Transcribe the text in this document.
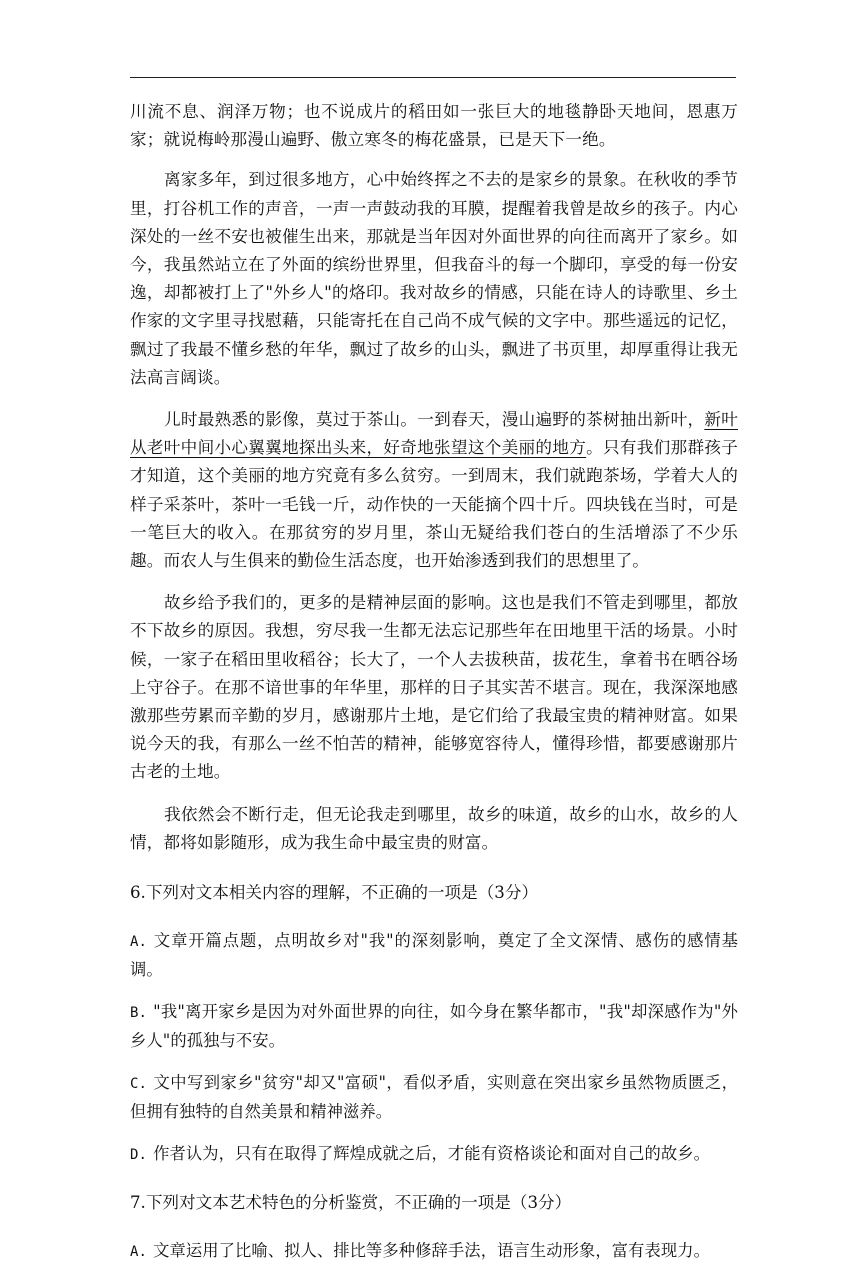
川流不息、润泽万物；也不说成片的稻田如一张巨大的地毯静卧天地间，恩惠万家；就说梅岭那漫山遍野、傲立寒冬的梅花盛景，已是天下一绝。

离家多年，到过很多地方，心中始终挥之不去的是家乡的景象。在秋收的季节里，打谷机工作的声音，一声一声鼓动我的耳膜，提醒着我曾是故乡的孩子。内心深处的一丝不安也被催生出来，那就是当年因对外面世界的向往而离开了家乡。如今，我虽然站立在了外面的缤纷世界里，但我奋斗的每一个脚印，享受的每一份安逸，却都被打上了"外乡人"的烙印。我对故乡的情感，只能在诗人的诗歌里、乡土作家的文字里寻找慰藉，只能寄托在自己尚不成气候的文字中。那些遥远的记忆，飘过了我最不懂乡愁的年华，飘过了故乡的山头，飘进了书页里，却厚重得让我无法高言阔谈。

儿时最熟悉的影像，莫过于茶山。一到春天，漫山遍野的茶树抽出新叶，新叶从老叶中间小心翼翼地探出头来，好奇地张望这个美丽的地方。只有我们那群孩子才知道，这个美丽的地方究竟有多么贫穷。一到周末，我们就跑茶场，学着大人的样子采茶叶，茶叶一毛钱一斤，动作快的一天能摘个四十斤。四块钱在当时，可是一笔巨大的收入。在那贫穷的岁月里，茶山无疑给我们苍白的生活增添了不少乐趣。而农人与生俱来的勤俭生活态度，也开始渗透到我们的思想里了。

故乡给予我们的，更多的是精神层面的影响。这也是我们不管走到哪里，都放不下故乡的原因。我想，穷尽我一生都无法忘记那些年在田地里干活的场景。小时候，一家子在稻田里收稻谷；长大了，一个人去拔秧苗，拔花生，拿着书在晒谷场上守谷子。在那不谙世事的年华里，那样的日子其实苦不堪言。现在，我深深地感激那些劳累而辛勤的岁月，感谢那片土地，是它们给了我最宝贵的精神财富。如果说今天的我，有那么一丝不怕苦的精神，能够宽容待人，懂得珍惜，都要感谢那片古老的土地。

我依然会不断行走，但无论我走到哪里，故乡的味道，故乡的山水，故乡的人情，都将如影随形，成为我生命中最宝贵的财富。

6.下列对文本相关内容的理解，不正确的一项是（3分）

A. 文章开篇点题，点明故乡对"我"的深刻影响，奠定了全文深情、感伤的感情基调。

B. "我"离开家乡是因为对外面世界的向往，如今身在繁华都市，"我"却深感作为"外乡人"的孤独与不安。

C. 文中写到家乡"贫穷"却又"富硕"，看似矛盾，实则意在突出家乡虽然物质匮乏，但拥有独特的自然美景和精神滋养。

D. 作者认为，只有在取得了辉煌成就之后，才能有资格谈论和面对自己的故乡。

7.下列对文本艺术特色的分析鉴赏，不正确的一项是（3分）

A. 文章运用了比喻、拟人、排比等多种修辞手法，语言生动形象，富有表现力。
